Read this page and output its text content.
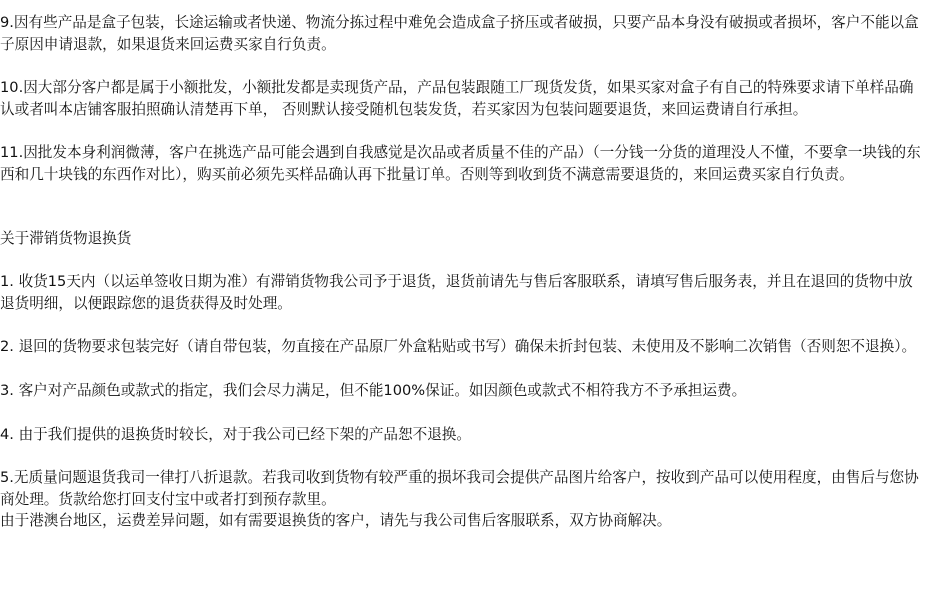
9.因有些产品是盒子包装，长途运输或者快递、物流分拣过程中难免会造成盒子挤压或者破损，只要产品本身没有破损或者损坏，客户不能以盒子原因申请退款，如果退货来回运费买家自行负责。

10.因大部分客户都是属于小额批发，小额批发都是卖现货产品，产品包装跟随工厂现货发货，如果买家对盒子有自己的特殊要求请下单样品确认或者叫本店铺客服拍照确认清楚再下单， 否则默认接受随机包装发货，若买家因为包装问题要退货，来回运费请自行承担。

11.因批发本身利润微薄，客户在挑选产品可能会遇到自我感觉是次品或者质量不佳的产品）（一分钱一分货的道理没人不懂，不要拿一块钱的东西和几十块钱的东西作对比），购买前必须先买样品确认再下批量订单。否则等到收到货不满意需要退货的，来回运费买家自行负责。

关于滞销货物退换货

1. 收货15天内（以运单签收日期为准）有滞销货物我公司予于退货，退货前请先与售后客服联系，请填写售后服务表，并且在退回的货物中放退货明细，以便跟踪您的退货获得及时处理。

2. 退回的货物要求包装完好（请自带包装，勿直接在产品原厂外盒粘贴或书写）确保未折封包装、未使用及不影响二次销售（否则恕不退换）。

3. 客户对产品颜色或款式的指定，我们会尽力满足，但不能100%保证。如因颜色或款式不相符我方不予承担运费。

4. 由于我们提供的退换货时较长，对于我公司已经下架的产品恕不退换。

5.无质量问题退货我司一律打八折退款。若我司收到货物有较严重的损坏我司会提供产品图片给客户，按收到产品可以使用程度，由售后与您协商处理。货款给您打回支付宝中或者打到预存款里。

由于港澳台地区，运费差异问题，如有需要退换货的客户，请先与我公司售后客服联系，双方协商解决。
